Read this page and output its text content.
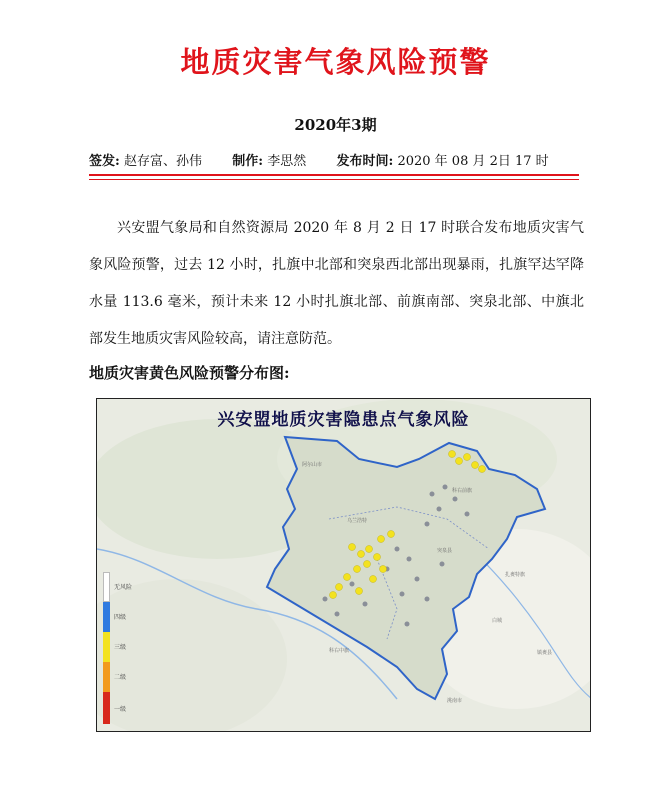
地质灾害气象风险预警
2020年3期
签发: 赵存富、孙伟 制作: 李思然 发布时间: 2020 年 08 月 2日 17 时

兴安盟气象局和自然资源局 2020 年 8 月 2 日 17 时联合发布地质灾害气象风险预警，过去 12 小时，扎旗中北部和突泉西北部出现暴雨，扎旗罕达罕降水量 113.6 毫米，预计未来 12 小时扎旗北部、前旗南部、突泉北部、中旗北部发生地质灾害风险较高，请注意防范。

地质灾害黄色风险预警分布图:
兴安盟地质灾害隐患点气象风险
阿尔山市
科右前旗
乌兰浩特
突泉县
扎赉特旗
科右中旗
白城
洮南市
镇赉县
无风险
四级
三级
二级
一级
